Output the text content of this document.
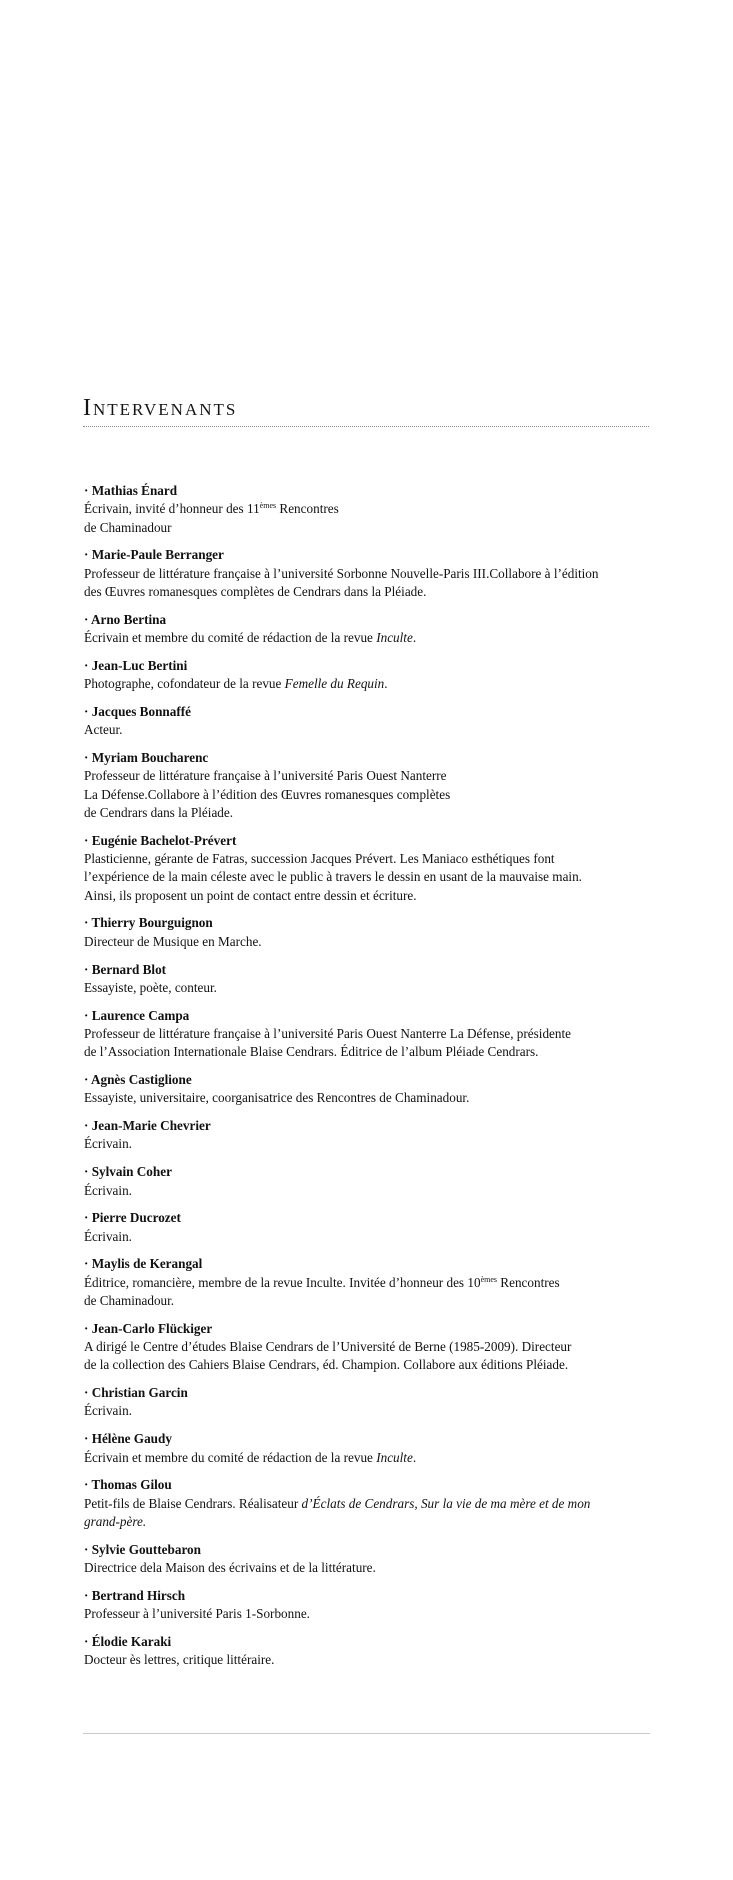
Intervenants
· Mathias Énard
Écrivain, invité d’honneur des 11èmes Rencontres
de Chaminadour
· Marie-Paule Berranger
Professeur de littérature française à l’université Sorbonne Nouvelle-Paris III.Collabore à l’édition
des Œuvres romanesques complètes de Cendrars dans la Pléiade.
· Arno Bertina
Écrivain et membre du comité de rédaction de la revue Inculte.
· Jean-Luc Bertini
Photographe, cofondateur de la revue Femelle du Requin.
· Jacques Bonnaffé
Acteur.
· Myriam Boucharenc
Professeur de littérature française à l’université Paris Ouest Nanterre
La Défense.Collabore à l’édition des Œuvres romanesques complètes
de Cendrars dans la Pléiade.
· Eugénie Bachelot-Prévert
Plasticienne, gérante de Fatras, succession Jacques Prévert. Les Maniaco esthétiques font
l’expérience de la main céleste avec le public à travers le dessin en usant de la mauvaise main.
Ainsi, ils proposent un point de contact entre dessin et écriture.
· Thierry Bourguignon
Directeur de Musique en Marche.
· Bernard Blot
Essayiste, poète, conteur.
· Laurence Campa
Professeur de littérature française à l’université Paris Ouest Nanterre La Défense, présidente
de l’Association Internationale Blaise Cendrars. Éditrice de l’album Pléiade Cendrars.
· Agnès Castiglione
Essayiste, universitaire, coorganisatrice des Rencontres de Chaminadour.
· Jean-Marie Chevrier
Écrivain.
· Sylvain Coher
Écrivain.
· Pierre Ducrozet
Écrivain.
· Maylis de Kerangal
Éditrice, romancière, membre de la revue Inculte. Invitée d’honneur des 10èmes Rencontres
de Chaminadour.
· Jean-Carlo Flückiger
A dirigé le Centre d’études Blaise Cendrars de l’Université de Berne (1985-2009). Directeur
de la collection des Cahiers Blaise Cendrars, éd. Champion. Collabore aux éditions Pléiade.
· Christian Garcin
Écrivain.
· Hélène Gaudy
Écrivain et membre du comité de rédaction de la revue Inculte.
· Thomas Gilou
Petit-fils de Blaise Cendrars. Réalisateur d’Éclats de Cendrars, Sur la vie de ma mère et de mon
grand-père.
· Sylvie Gouttebaron
Directrice dela Maison des écrivains et de la littérature.
· Bertrand Hirsch
Professeur à l’université Paris 1-Sorbonne.
· Élodie Karaki
Docteur ès lettres, critique littéraire.
